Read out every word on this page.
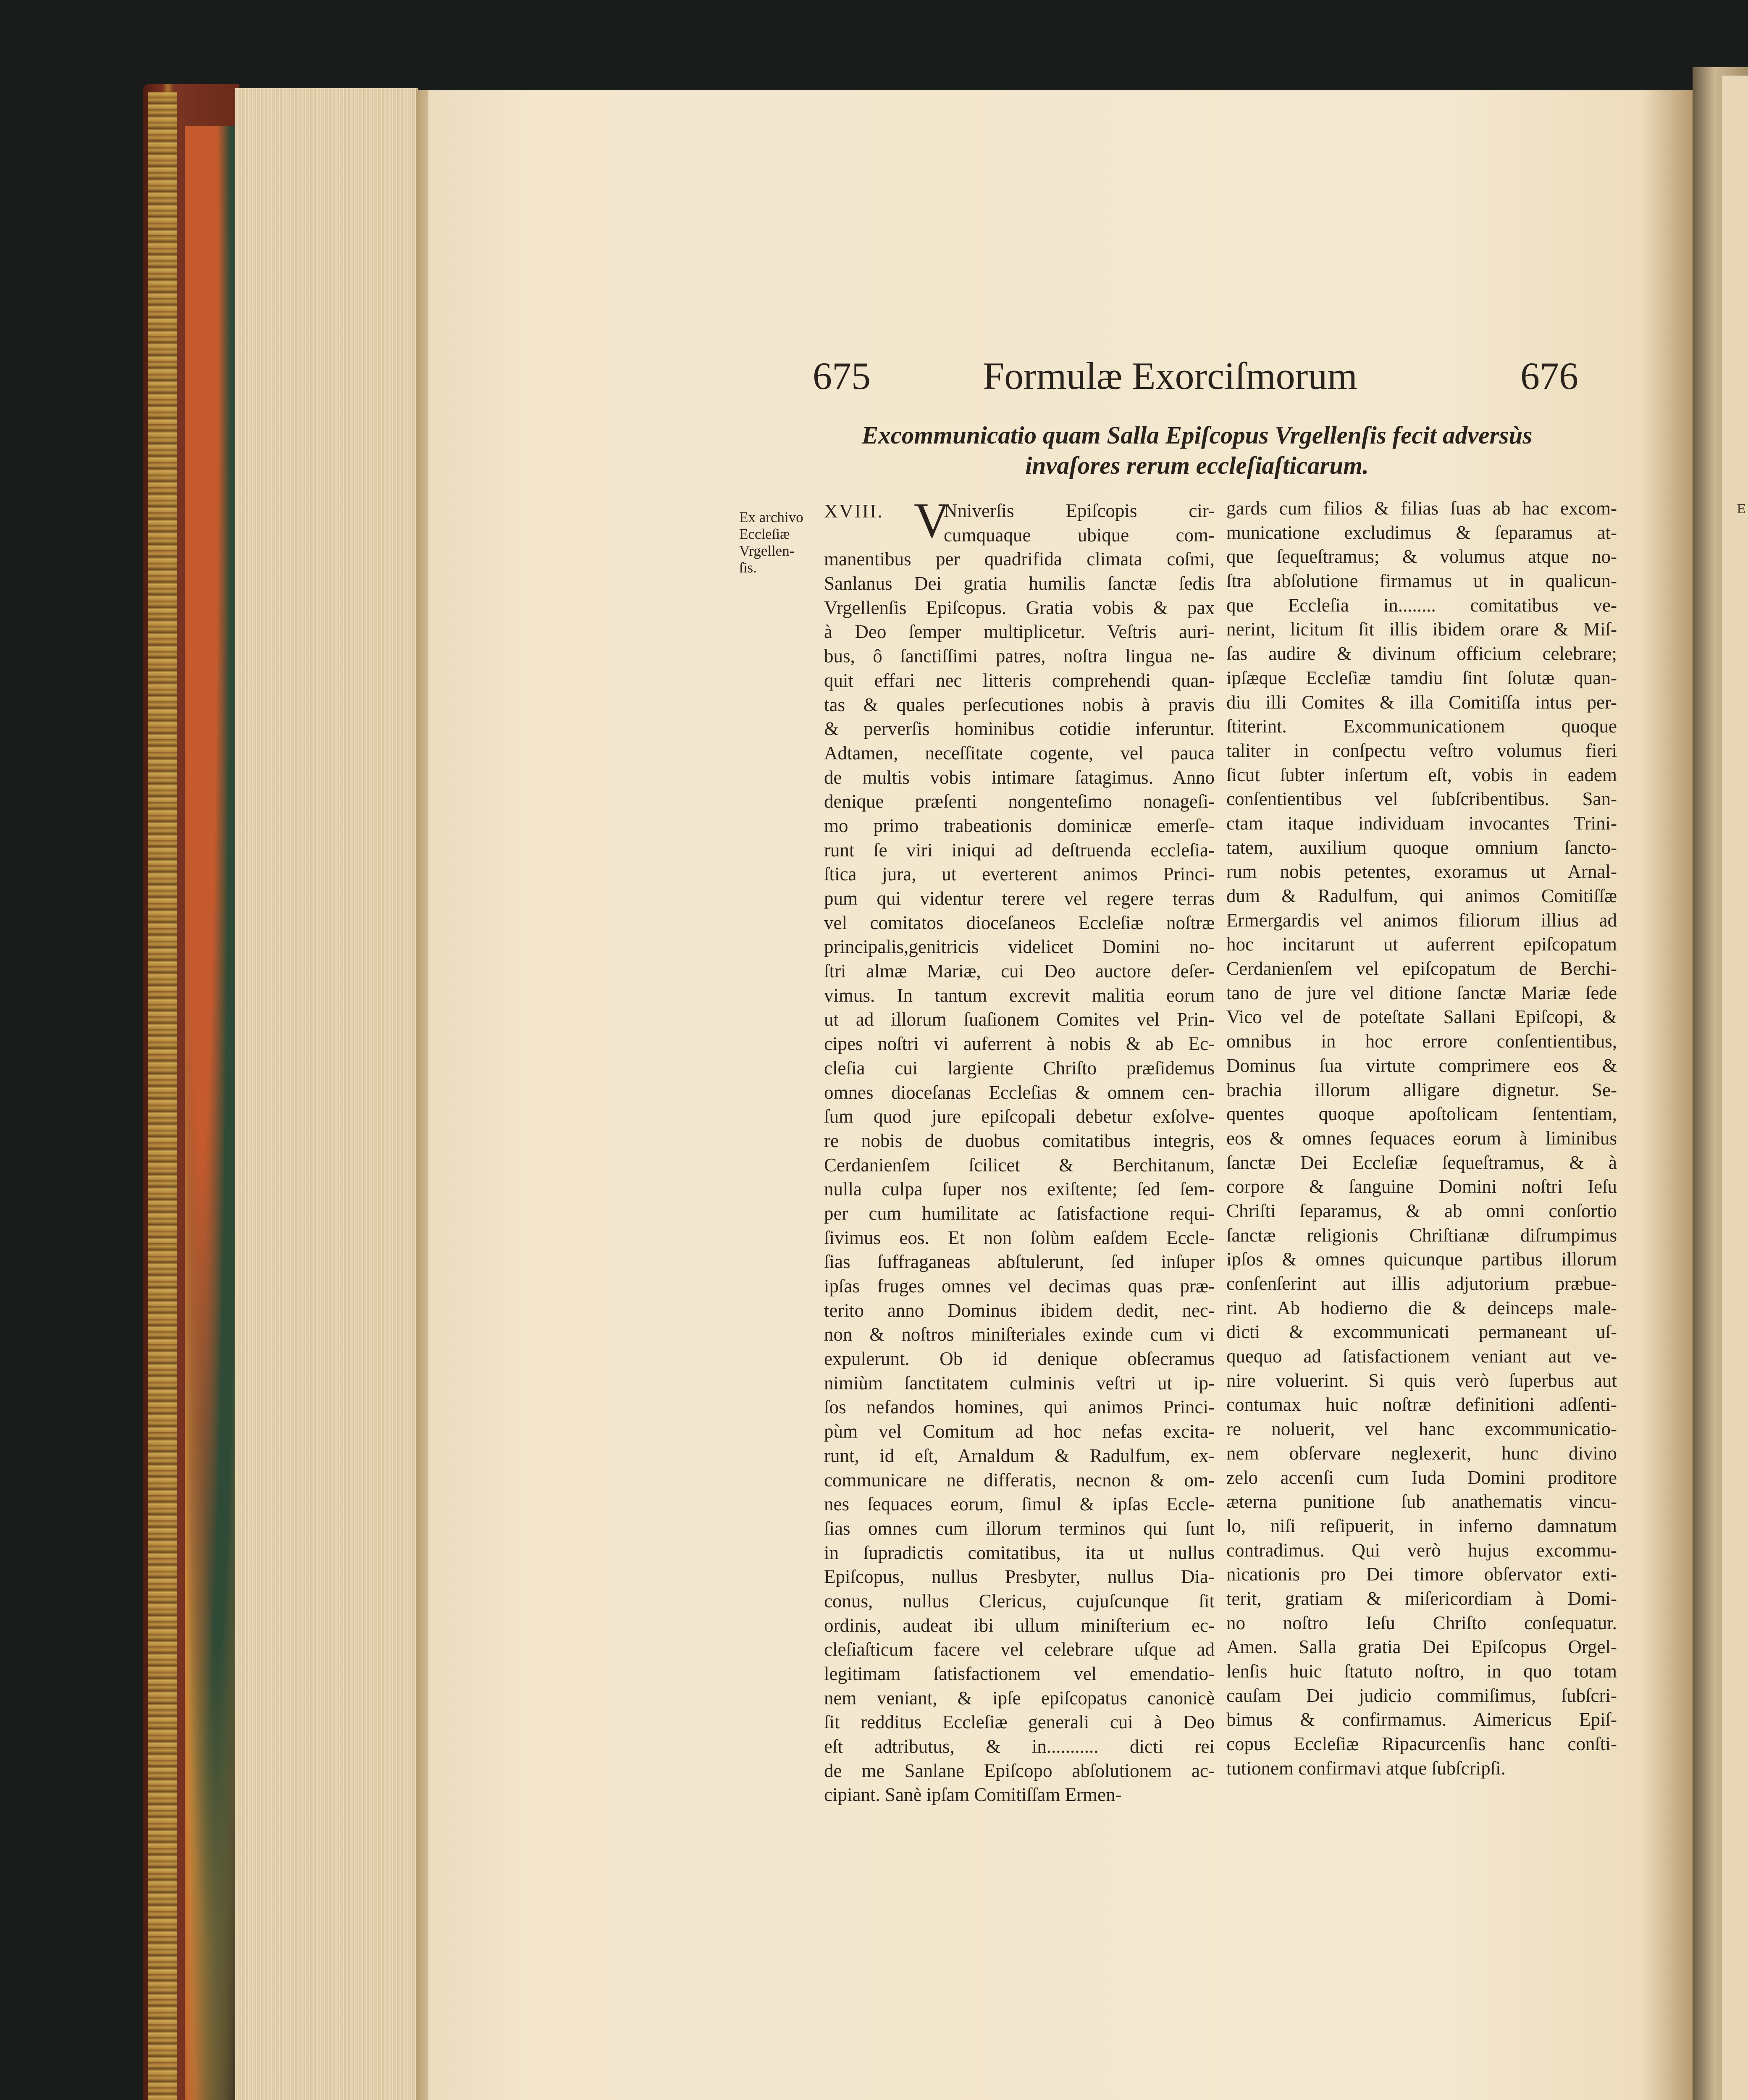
675	Formulæ Exorciſmorum	676
Excommunicatio quam Salla Epiſcopus Vrgellenſis fecit adversùs
invaſores rerum eccleſiaſticarum.
Ex archivo
Eccleſiæ
Vrgellen-
ſis.
XVIII. V
Nniverſis Epiſcopis cir-
cumquaque ubique com-
manentibus per quadrifida climata coſmi,
Sanlanus Dei gratia humilis ſanctæ ſedis
Vrgellenſis Epiſcopus. Gratia vobis & pax
à Deo ſemper multiplicetur. Veſtris auri-
bus, ô ſanctiſſimi patres, noſtra lingua ne-
quit effari nec litteris comprehendi quan-
tas & quales perſecutiones nobis à pravis
& perverſis hominibus cotidie inferuntur.
Adtamen, neceſſitate cogente, vel pauca
de multis vobis intimare ſatagimus. Anno
denique præſenti nongenteſimo nonageſi-
mo primo trabeationis dominicæ emerſe-
runt ſe viri iniqui ad deſtruenda eccleſia-
ſtica jura, ut everterent animos Princi-
pum qui videntur terere vel regere terras
vel comitatos dioceſaneos Eccleſiæ noſtræ
principalis,genitricis videlicet Domini no-
ſtri almæ Mariæ, cui Deo auctore deſer-
vimus. In tantum excrevit malitia eorum
ut ad illorum ſuaſionem Comites vel Prin-
cipes noſtri vi auferrent à nobis & ab Ec-
cleſia cui largiente Chriſto præſidemus
omnes dioceſanas Eccleſias & omnem cen-
ſum quod jure epiſcopali debetur exſolve-
re nobis de duobus comitatibus integris,
Cerdanienſem ſcilicet & Berchitanum,
nulla culpa ſuper nos exiſtente; ſed ſem-
per cum humilitate ac ſatisfactione requi-
ſivimus eos. Et non ſolùm eaſdem Eccle-
ſias ſuffraganeas abſtulerunt, ſed inſuper
ipſas fruges omnes vel decimas quas præ-
terito anno Dominus ibidem dedit, nec-
non & noſtros miniſteriales exinde cum vi
expulerunt. Ob id denique obſecramus
nimiùm ſanctitatem culminis veſtri ut ip-
ſos nefandos homines, qui animos Princi-
pùm vel Comitum ad hoc nefas excita-
runt, id eſt, Arnaldum & Radulfum, ex-
communicare ne differatis, necnon & om-
nes ſequaces eorum, ſimul & ipſas Eccle-
ſias omnes cum illorum terminos qui ſunt
in ſupradictis comitatibus, ita ut nullus
Epiſcopus, nullus Presbyter, nullus Dia-
conus, nullus Clericus, cujuſcunque ſit
ordinis, audeat ibi ullum miniſterium ec-
cleſiaſticum facere vel celebrare uſque ad
legitimam ſatisfactionem vel emendatio-
nem veniant, & ipſe epiſcopatus canonicè
ſit redditus Eccleſiæ generali cui à Deo
eſt adtributus, & in........... dicti rei
de me Sanlane Epiſcopo abſolutionem ac-
cipiant. Sanè ipſam Comitiſſam Ermen-
gards cum filios & filias ſuas ab hac excom-
municatione excludimus & ſeparamus at-
que ſequeſtramus; & volumus atque no-
ſtra abſolutione firmamus ut in qualicun-
que Eccleſia in........ comitatibus ve-
nerint, licitum ſit illis ibidem orare & Miſ-
ſas audire & divinum officium celebrare;
ipſæque Eccleſiæ tamdiu ſint ſolutæ quan-
diu illi Comites & illa Comitiſſa intus per-
ſtiterint. Excommunicationem quoque
taliter in conſpectu veſtro volumus fieri
ſicut ſubter inſertum eſt, vobis in eadem
conſentientibus vel ſubſcribentibus. San-
ctam itaque individuam invocantes Trini-
tatem, auxilium quoque omnium ſancto-
rum nobis petentes, exoramus ut Arnal-
dum & Radulfum, qui animos Comitiſſæ
Ermergardis vel animos filiorum illius ad
hoc incitarunt ut auferrent epiſcopatum
Cerdanienſem vel epiſcopatum de Berchi-
tano de jure vel ditione ſanctæ Mariæ ſede
Vico vel de poteſtate Sallani Epiſcopi, &
omnibus in hoc errore conſentientibus,
Dominus ſua virtute comprimere eos &
brachia illorum alligare dignetur. Se-
quentes quoque apoſtolicam ſententiam,
eos & omnes ſequaces eorum à liminibus
ſanctæ Dei Eccleſiæ ſequeſtramus, & à
corpore & ſanguine Domini noſtri Ieſu
Chriſti ſeparamus, & ab omni conſortio
ſanctæ religionis Chriſtianæ diſrumpimus
ipſos & omnes quicunque partibus illorum
conſenſerint aut illis adjutorium præbue-
rint. Ab hodierno die & deinceps male-
dicti & excommunicati permaneant uſ-
quequo ad ſatisfactionem veniant aut ve-
nire voluerint. Si quis verò ſuperbus aut
contumax huic noſtræ definitioni adſenti-
re noluerit, vel hanc excommunicatio-
nem obſervare neglexerit, hunc divino
zelo accenſi cum Iuda Domini proditore
æterna punitione ſub anathematis vincu-
lo, niſi reſipuerit, in inferno damnatum
contradimus. Qui verò hujus excommu-
nicationis pro Dei timore obſervator exti-
terit, gratiam & miſericordiam à Domi-
no noſtro Ieſu Chriſto conſequatur.
Amen. Salla gratia Dei Epiſcopus Orgel-
lenſis huic ſtatuto noſtro, in quo totam
cauſam Dei judicio commiſimus, ſubſcri-
bimus & confirmamus. Aimericus Epiſ-
copus Eccleſiæ Ripacurcenſis hanc conſti-
tutionem confirmavi atque ſubſcripſi.
E
